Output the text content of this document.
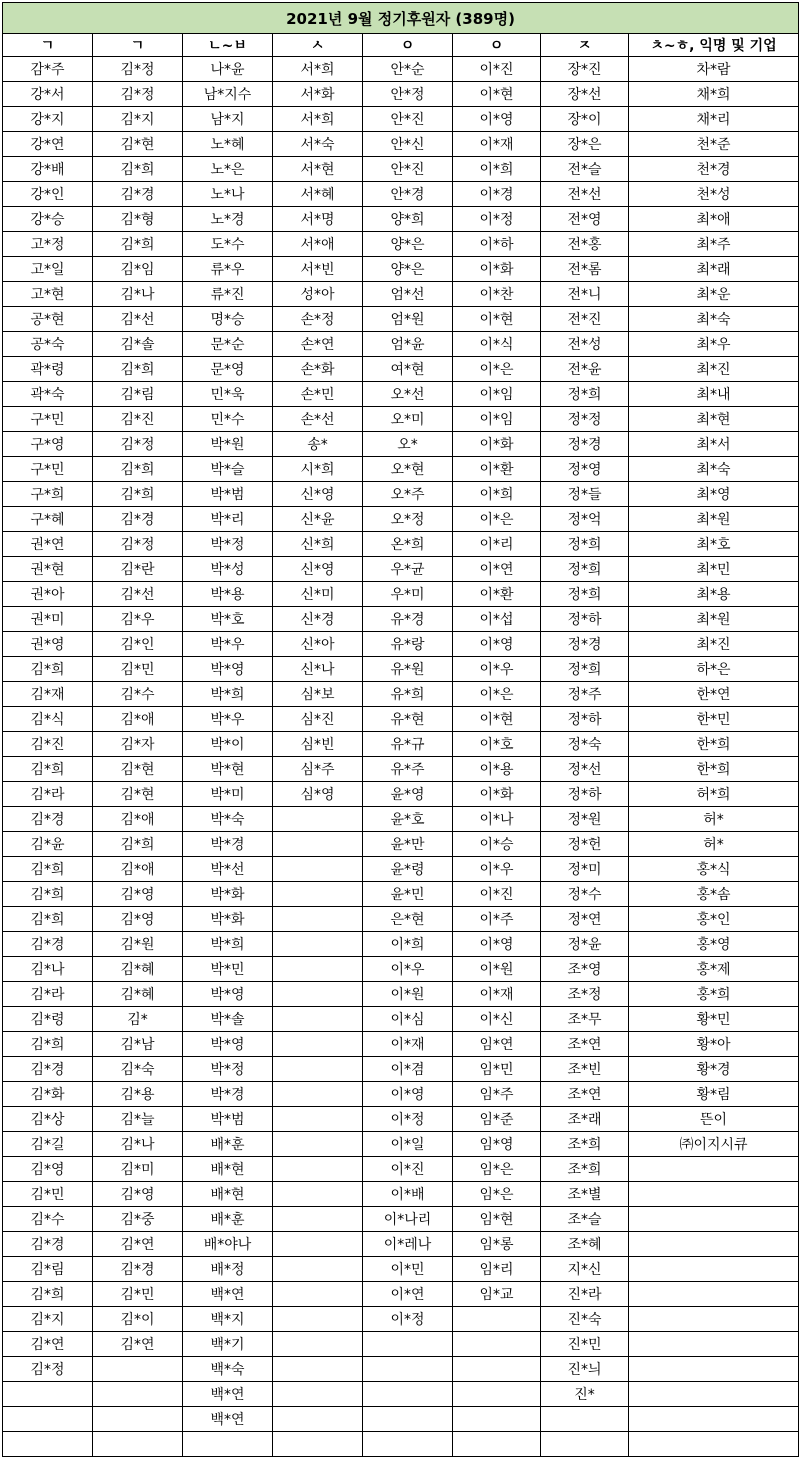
2021년 9월 정기후원자 (389명)							
ㄱ	ㄱ	ㄴ~ㅂ	ㅅ	ㅇ	ㅇ	ㅈ	ㅊ~ㅎ, 익명 및 기업
감*주	김*정	나*윤	서*희	안*순	이*진	장*진	차*람
강*서	김*정	남*지수	서*화	안*정	이*현	장*선	채*희
강*지	김*지	남*지	서*희	안*진	이*영	장*이	채*리
강*연	김*현	노*혜	서*숙	안*신	이*재	장*은	천*준
강*배	김*희	노*은	서*현	안*진	이*희	전*슬	천*경
강*인	김*경	노*나	서*혜	안*경	이*경	전*선	천*성
강*승	김*형	노*경	서*명	양*희	이*정	전*영	최*애
고*정	김*희	도*수	서*애	양*은	이*하	전*홍	최*주
고*일	김*임	류*우	서*빈	양*은	이*화	전*롬	최*래
고*현	김*나	류*진	성*아	엄*선	이*찬	전*니	최*운
공*현	김*선	명*승	손*정	엄*원	이*현	전*진	최*숙
공*숙	김*솔	문*순	손*연	엄*윤	이*식	전*성	최*우
곽*령	김*희	문*영	손*화	여*현	이*은	전*윤	최*진
곽*숙	김*림	민*욱	손*민	오*선	이*임	정*희	최*내
구*민	김*진	민*수	손*선	오*미	이*임	정*정	최*현
구*영	김*정	박*원	송*	오*	이*화	정*경	최*서
구*민	김*희	박*슬	시*희	오*현	이*환	정*영	최*숙
구*희	김*희	박*범	신*영	오*주	이*희	정*들	최*영
구*혜	김*경	박*리	신*윤	오*정	이*은	정*억	최*원
권*연	김*정	박*정	신*희	온*희	이*리	정*희	최*호
권*현	김*란	박*성	신*영	우*균	이*연	정*희	최*민
권*아	김*선	박*용	신*미	우*미	이*환	정*희	최*용
권*미	김*우	박*호	신*경	유*경	이*섭	정*하	최*원
권*영	김*인	박*우	신*아	유*랑	이*영	정*경	최*진
김*희	김*민	박*영	신*나	유*원	이*우	정*희	하*은
김*재	김*수	박*희	심*보	유*희	이*은	정*주	한*연
김*식	김*애	박*우	심*진	유*현	이*현	정*하	한*민
김*진	김*자	박*이	심*빈	유*규	이*호	정*숙	한*희
김*희	김*현	박*현	심*주	유*주	이*용	정*선	한*희
김*라	김*현	박*미	심*영	윤*영	이*화	정*하	허*희
김*경	김*애	박*숙		윤*호	이*나	정*원	허*
김*윤	김*희	박*경		윤*만	이*승	정*헌	허*
김*희	김*애	박*선		윤*령	이*우	정*미	홍*식
김*희	김*영	박*화		윤*민	이*진	정*수	홍*솜
김*희	김*영	박*화		은*현	이*주	정*연	홍*인
김*경	김*원	박*희		이*희	이*영	정*윤	홍*영
김*나	김*혜	박*민		이*우	이*원	조*영	홍*제
김*라	김*혜	박*영		이*원	이*재	조*정	홍*희
김*령	김*	박*솔		이*심	이*신	조*무	황*민
김*희	김*남	박*영		이*재	임*연	조*연	황*아
김*경	김*숙	박*정		이*겸	임*민	조*빈	황*경
김*화	김*용	박*경		이*영	임*주	조*연	황*림
김*상	김*늘	박*범		이*정	임*준	조*래	뜬이
김*길	김*나	배*훈		이*일	임*영	조*희	㈜이지시큐
김*영	김*미	배*현		이*진	임*은	조*희	
김*민	김*영	배*현		이*배	임*은	조*별	
김*수	김*중	배*훈		이*나리	임*현	조*슬	
김*경	김*연	배*야나		이*레나	임*롱	조*혜	
김*림	김*경	배*정		이*민	임*리	지*신	
김*희	김*민	백*연		이*연	임*교	진*라	
김*지	김*이	백*지		이*정		진*숙	
김*연	김*연	백*기				진*민	
김*정		백*숙				진*늬	
		백*연				진*	
		백*연					
